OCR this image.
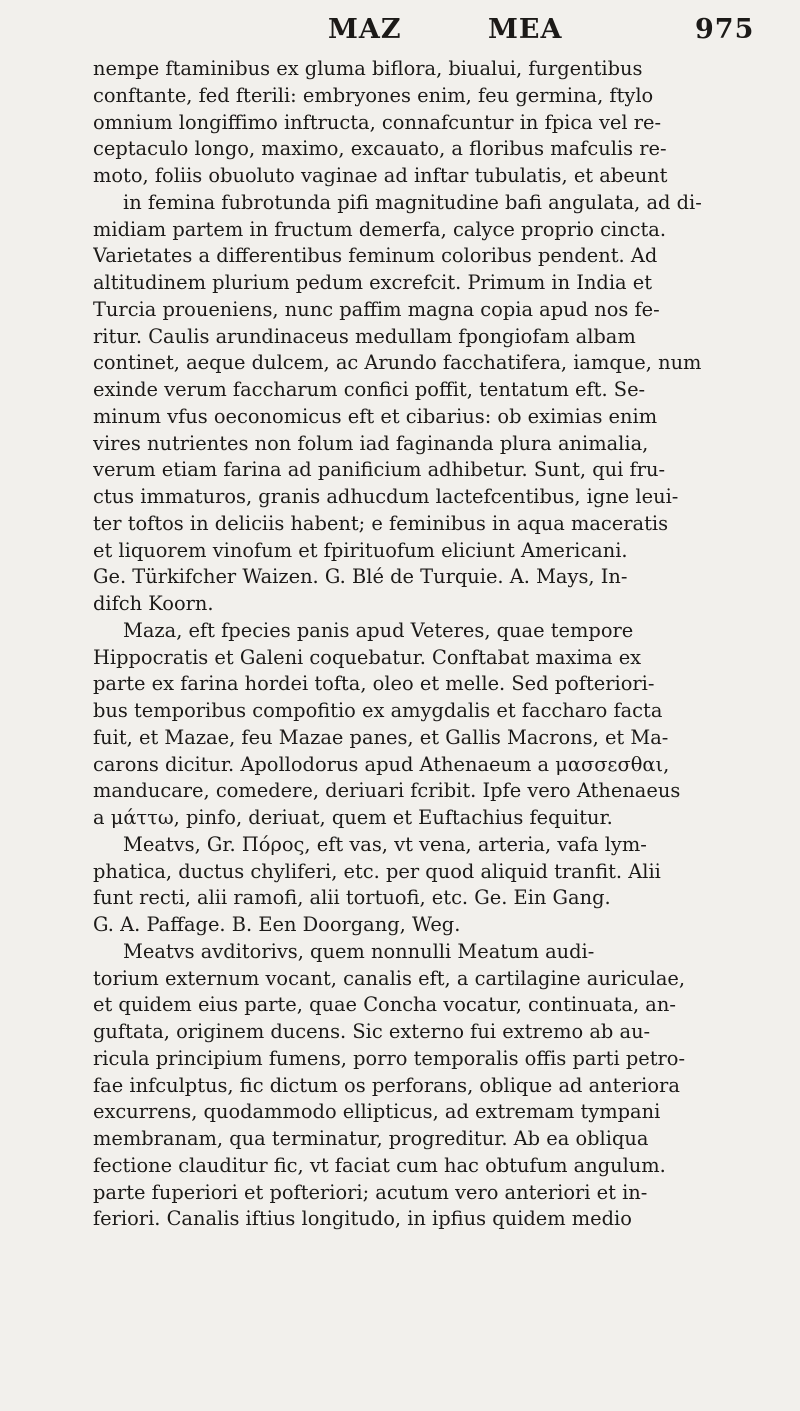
MAZ	MEA	975
nempe ftaminibus ex gluma biflora, biualui, furgentibus
conftante, fed fterili: embryones enim, feu germina, ftylo
omnium longiffimo inftructa, connafcuntur in fpica vel re-
ceptaculo longo, maximo, excauato, a floribus mafculis re-
moto, foliis obuoluto vaginae ad inftar tubulatis, et abeunt
in femina fubrotunda pifi magnitudine bafi angulata, ad di-
midiam partem in fructum demerfa, calyce proprio cincta.
Varietates a differentibus feminum coloribus pendent. Ad
altitudinem plurium pedum excrefcit. Primum in India et
Turcia proueniens, nunc paffim magna copia apud nos fe-
ritur. Caulis arundinaceus medullam fpongiofam albam
continet, aeque dulcem, ac Arundo facchatifera, iamque, num
exinde verum faccharum confici poffit, tentatum eft. Se-
minum vfus oeconomicus eft et cibarius: ob eximias enim
vires nutrientes non folum iad faginanda plura animalia,
verum etiam farina ad panificium adhibetur. Sunt, qui fru-
ctus immaturos, granis adhucdum lactefcentibus, igne leui-
ter toftos in deliciis habent; e feminibus in aqua maceratis
et liquorem vinofum et fpirituofum eliciunt Americani.
Ge. Türkifcher Waizen. G. Blé de Turquie. A. Mays, In-
difch Koorn.
Maza, eft fpecies panis apud Veteres, quae tempore
Hippocratis et Galeni coquebatur. Conftabat maxima ex
parte ex farina hordei tofta, oleo et melle. Sed pofteriori-
bus temporibus compofitio ex amygdalis et faccharo facta
fuit, et Mazae, feu Mazae panes, et Gallis Macrons, et Ma-
carons dicitur. Apollodorus apud Athenaeum a μασσεσθαι,
manducare, comedere, deriuari fcribit. Ipfe vero Athenaeus
a μάττω, pinfo, deriuat, quem et Euftachius fequitur.
Meatvs, Gr. Πόρος, eft vas, vt vena, arteria, vafa lym-
phatica, ductus chyliferi, etc. per quod aliquid tranfit. Alii
funt recti, alii ramofi, alii tortuofi, etc. Ge. Ein Gang.
G. A. Paffage. B. Een Doorgang, Weg.
Meatvs avditorivs, quem nonnulli Meatum audi-
torium externum vocant, canalis eft, a cartilagine auriculae,
et quidem eius parte, quae Concha vocatur, continuata, an-
guftata, originem ducens. Sic externo fui extremo ab au-
ricula principium fumens, porro temporalis offis parti petro-
fae infculptus, fic dictum os perforans, oblique ad anteriora
excurrens, quodammodo ellipticus, ad extremam tympani
membranam, qua terminatur, progreditur. Ab ea obliqua
fectione clauditur fic, vt faciat cum hac obtufum angulum.
parte fuperiori et pofteriori; acutum vero anteriori et in-
feriori. Canalis iftius longitudo, in ipfius quidem medio
